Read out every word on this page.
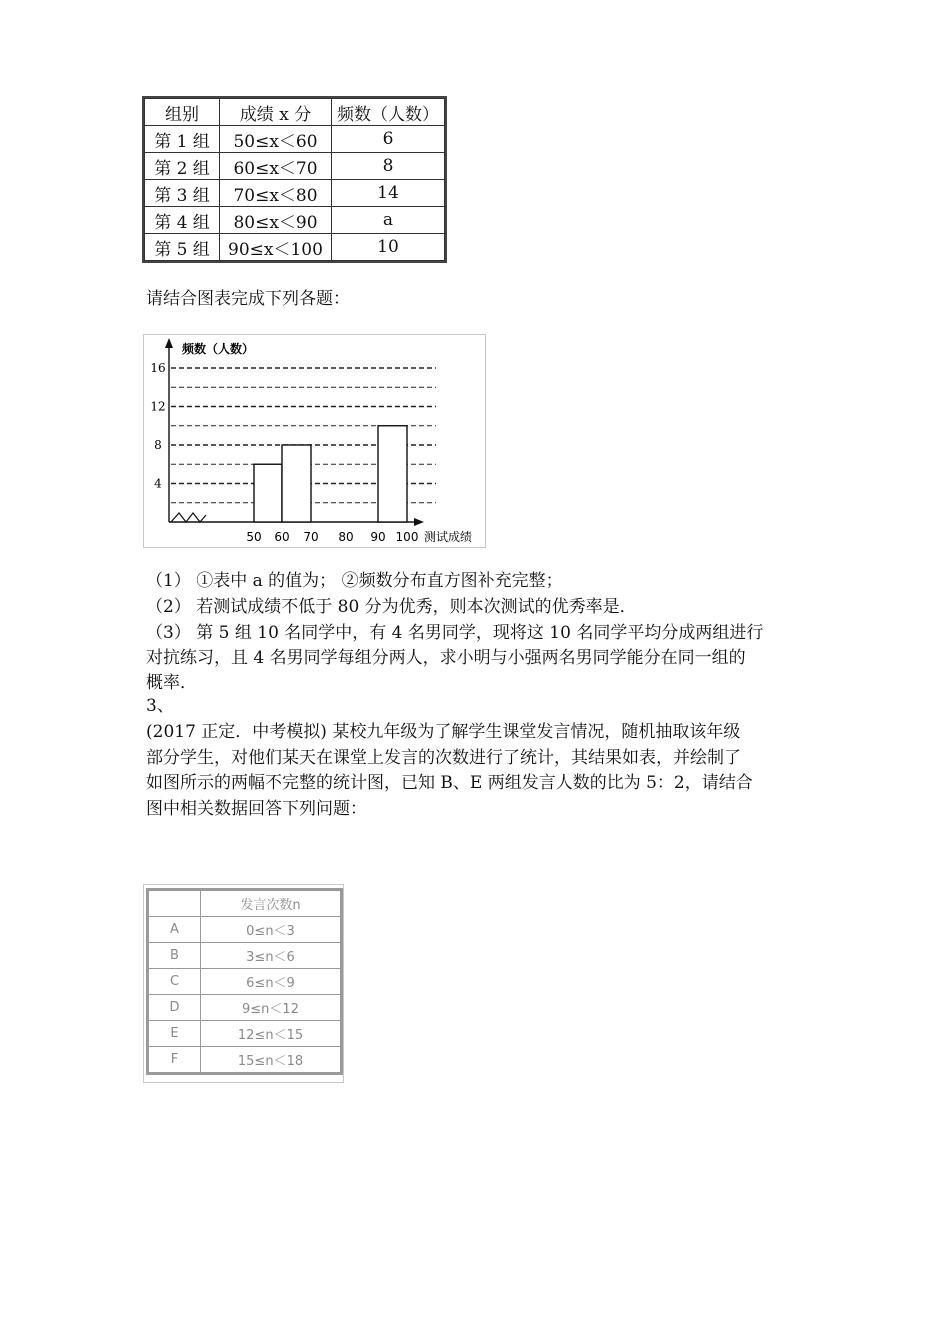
组别	成绩 x 分	频数（人数）
第 1 组	50≤x＜60	6
第 2 组	60≤x＜70	8
第 3 组	70≤x＜80	14
第 4 组	80≤x＜90	a
第 5 组	90≤x＜100	10
请结合图表完成下列各题：
4
8
12
16
50 60 70 80 90 100
频数（人数）
测试成绩
（1） ①表中 a 的值为； ②频数分布直方图补充完整；
（2） 若测试成绩不低于 80 分为优秀，则本次测试的优秀率是．
（3） 第 5 组 10 名同学中，有 4 名男同学，现将这 10 名同学平均分成两组进行
对抗练习，且 4 名男同学每组分两人，求小明与小强两名男同学能分在同一组的
概率．
3、
(2017 正定．中考模拟) 某校九年级为了解学生课堂发言情况，随机抽取该年级
部分学生，对他们某天在课堂上发言的次数进行了统计，其结果如表，并绘制了
如图所示的两幅不完整的统计图，已知 B、E 两组发言人数的比为 5：2，请结合
图中相关数据回答下列问题：
	发言次数n
A	0≤n＜3
B	3≤n＜6
C	6≤n＜9
D	9≤n＜12
E	12≤n＜15
F	15≤n＜18
